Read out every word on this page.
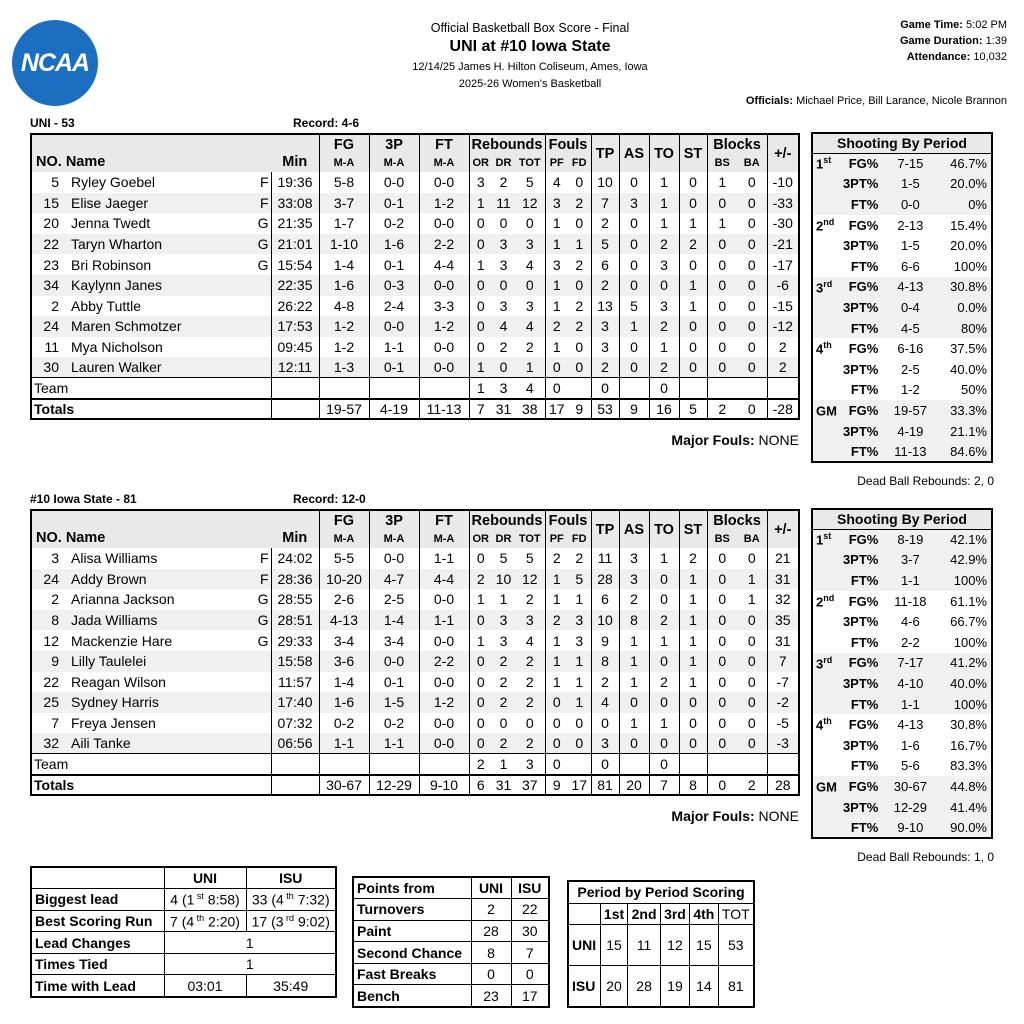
NCAA
®
Official Basketball Box Score - Final
UNI at #10 Iowa State
12/14/25 James H. Hilton Coliseum, Ames, Iowa
2025-26 Women's Basketball
Game Time: 5:02 PM
Game Duration: 1:39
Attendance: 10,032
Officials: Michael Price, Bill Larance, Nicole Brannon
UNI - 53	Record: 4-6
NO. Name			Min	FG	3P	FT	Rebounds			Fouls		TP	AS	TO	ST	Blocks		+/-
				M-A	M-A	M-A	OR	DR	TOT	PF	FD					BS	BA	
5	Ryley Goebel	F	19:36	5-8	0-0	0-0	3	2	5	4	0	10	0	1	0	1	0	-10
15	Elise Jaeger	F	33:08	3-7	0-1	1-2	1	11	12	3	2	7	3	1	0	0	0	-33
20	Jenna Twedt	G	21:35	1-7	0-2	0-0	0	0	0	1	0	2	0	1	1	1	0	-30
22	Taryn Wharton	G	21:01	1-10	1-6	2-2	0	3	3	1	1	5	0	2	2	0	0	-21
23	Bri Robinson	G	15:54	1-4	0-1	4-4	1	3	4	3	2	6	0	3	0	0	0	-17
34	Kaylynn Janes		22:35	1-6	0-3	0-0	0	0	0	1	0	2	0	0	1	0	0	-6
2	Abby Tuttle		26:22	4-8	2-4	3-3	0	3	3	1	2	13	5	3	1	0	0	-15
24	Maren Schmotzer		17:53	1-2	0-0	1-2	0	4	4	2	2	3	1	2	0	0	0	-12
11	Mya Nicholson		09:45	1-2	1-1	0-0	0	2	2	1	0	3	0	1	0	0	0	2
30	Lauren Walker		12:11	1-3	0-1	0-0	1	0	1	0	0	2	0	2	0	0	0	2
Team							1	3	4	0		0		0				
Totals				19-57	4-19	11-13	7	31	38	17	9	53	9	16	5	2	0	-28
Major Fouls: NONE
Shooting By Period			
1st	FG%	7-15	46.7%
	3PT%	1-5	20.0%
	FT%	0-0	0%
2nd	FG%	2-13	15.4%
	3PT%	1-5	20.0%
	FT%	6-6	100%
3rd	FG%	4-13	30.8%
	3PT%	0-4	0.0%
	FT%	4-5	80%
4th	FG%	6-16	37.5%
	3PT%	2-5	40.0%
	FT%	1-2	50%
GM	FG%	19-57	33.3%
	3PT%	4-19	21.1%
	FT%	11-13	84.6%
Dead Ball Rebounds: 2, 0
#10 Iowa State - 81	Record: 12-0
NO. Name			Min	FG	3P	FT	Rebounds			Fouls		TP	AS	TO	ST	Blocks		+/-
				M-A	M-A	M-A	OR	DR	TOT	PF	FD					BS	BA	
3	Alisa Williams	F	24:02	5-5	0-0	1-1	0	5	5	2	2	11	3	1	2	0	0	21
24	Addy Brown	F	28:36	10-20	4-7	4-4	2	10	12	1	5	28	3	0	1	0	1	31
2	Arianna Jackson	G	28:55	2-6	2-5	0-0	1	1	2	1	1	6	2	0	1	0	1	32
8	Jada Williams	G	28:51	4-13	1-4	1-1	0	3	3	2	3	10	8	2	1	0	0	35
12	Mackenzie Hare	G	29:33	3-4	3-4	0-0	1	3	4	1	3	9	1	1	1	0	0	31
9	Lilly Taulelei		15:58	3-6	0-0	2-2	0	2	2	1	1	8	1	0	1	0	0	7
22	Reagan Wilson		11:57	1-4	0-1	0-0	0	2	2	1	1	2	1	2	1	0	0	-7
25	Sydney Harris		17:40	1-6	1-5	1-2	0	2	2	0	1	4	0	0	0	0	0	-2
7	Freya Jensen		07:32	0-2	0-2	0-0	0	0	0	0	0	0	1	1	0	0	0	-5
32	Aili Tanke		06:56	1-1	1-1	0-0	0	2	2	0	0	3	0	0	0	0	0	-3
Team							2	1	3	0		0		0				
Totals				30-67	12-29	9-10	6	31	37	9	17	81	20	7	8	0	2	28
Major Fouls: NONE
Shooting By Period			
1st	FG%	8-19	42.1%
	3PT%	3-7	42.9%
	FT%	1-1	100%
2nd	FG%	11-18	61.1%
	3PT%	4-6	66.7%
	FT%	2-2	100%
3rd	FG%	7-17	41.2%
	3PT%	4-10	40.0%
	FT%	1-1	100%
4th	FG%	4-13	30.8%
	3PT%	1-6	16.7%
	FT%	5-6	83.3%
GM	FG%	30-67	44.8%
	3PT%	12-29	41.4%
	FT%	9-10	90.0%
Dead Ball Rebounds: 1, 0
	UNI	ISU
Biggest lead	4 (1 $^{st}$ 8:58)	33 (4 $^{th}$ 7:32)
Best Scoring Run	7 (4 $^{th}$ 2:20)	17 (3 $^{rd}$ 9:02)
Lead Changes	1	
Times Tied	1	
Time with Lead	03:01	35:49
Points from	UNI	ISU
Turnovers	2	22
Paint	28	30
Second Chance	8	7
Fast Breaks	0	0
Bench	23	17
Period by Period Scoring					
	1st	2nd	3rd	4th	TOT
UNI	15	11	12	15	53
ISU	20	28	19	14	81
